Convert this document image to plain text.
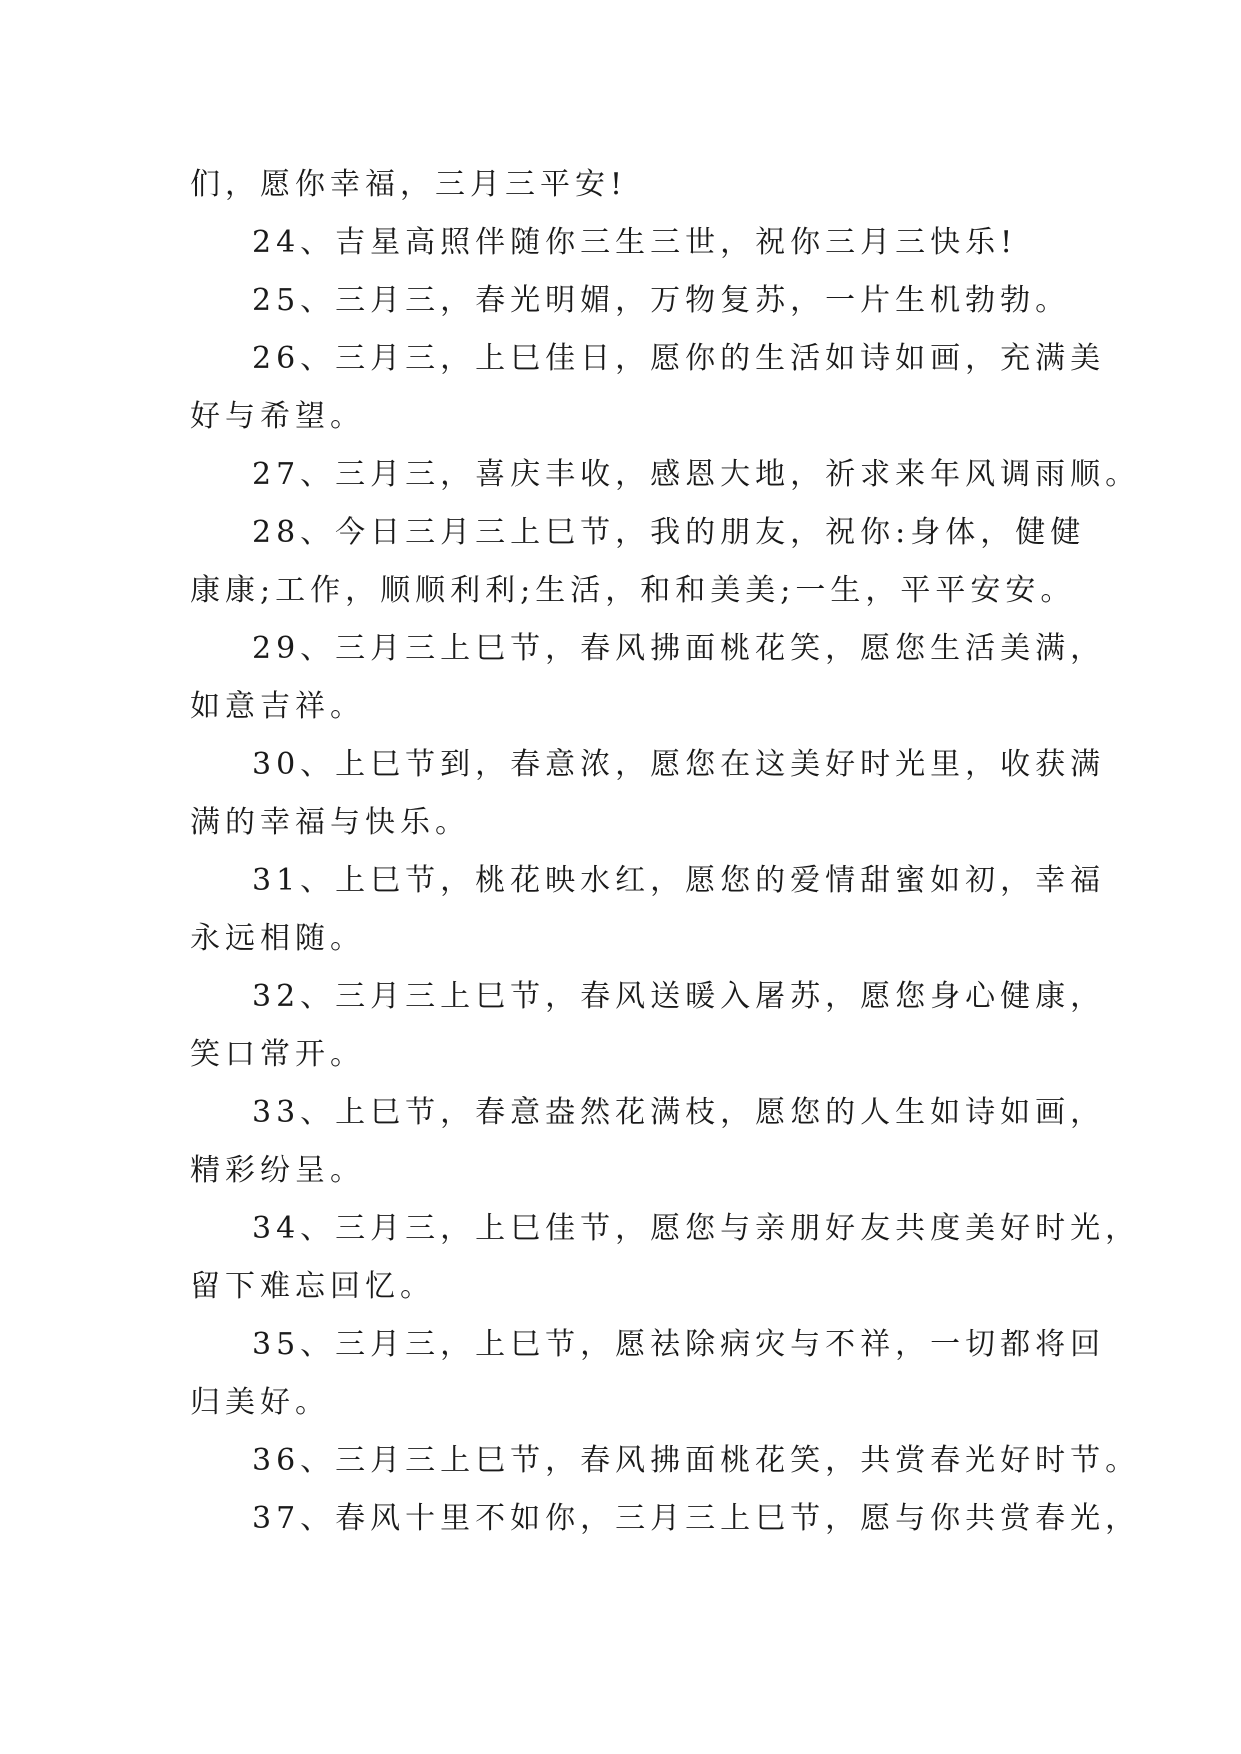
们，愿你幸福，三月三平安!
24、吉星高照伴随你三生三世，祝你三月三快乐!
25、三月三，春光明媚，万物复苏，一片生机勃勃。
26、三月三，上巳佳日，愿你的生活如诗如画，充满美
好与希望。
27、三月三，喜庆丰收，感恩大地，祈求来年风调雨顺。
28、今日三月三上巳节，我的朋友，祝你:身体，健健
康康;工作，顺顺利利;生活，和和美美;一生，平平安安。
29、三月三上巳节，春风拂面桃花笑，愿您生活美满，
如意吉祥。
30、上巳节到，春意浓，愿您在这美好时光里，收获满
满的幸福与快乐。
31、上巳节，桃花映水红，愿您的爱情甜蜜如初，幸福
永远相随。
32、三月三上巳节，春风送暖入屠苏，愿您身心健康，
笑口常开。
33、上巳节，春意盎然花满枝，愿您的人生如诗如画，
精彩纷呈。
34、三月三，上巳佳节，愿您与亲朋好友共度美好时光，
留下难忘回忆。
35、三月三，上巳节，愿祛除病灾与不祥，一切都将回
归美好。
36、三月三上巳节，春风拂面桃花笑，共赏春光好时节。
37、春风十里不如你，三月三上巳节，愿与你共赏春光，
